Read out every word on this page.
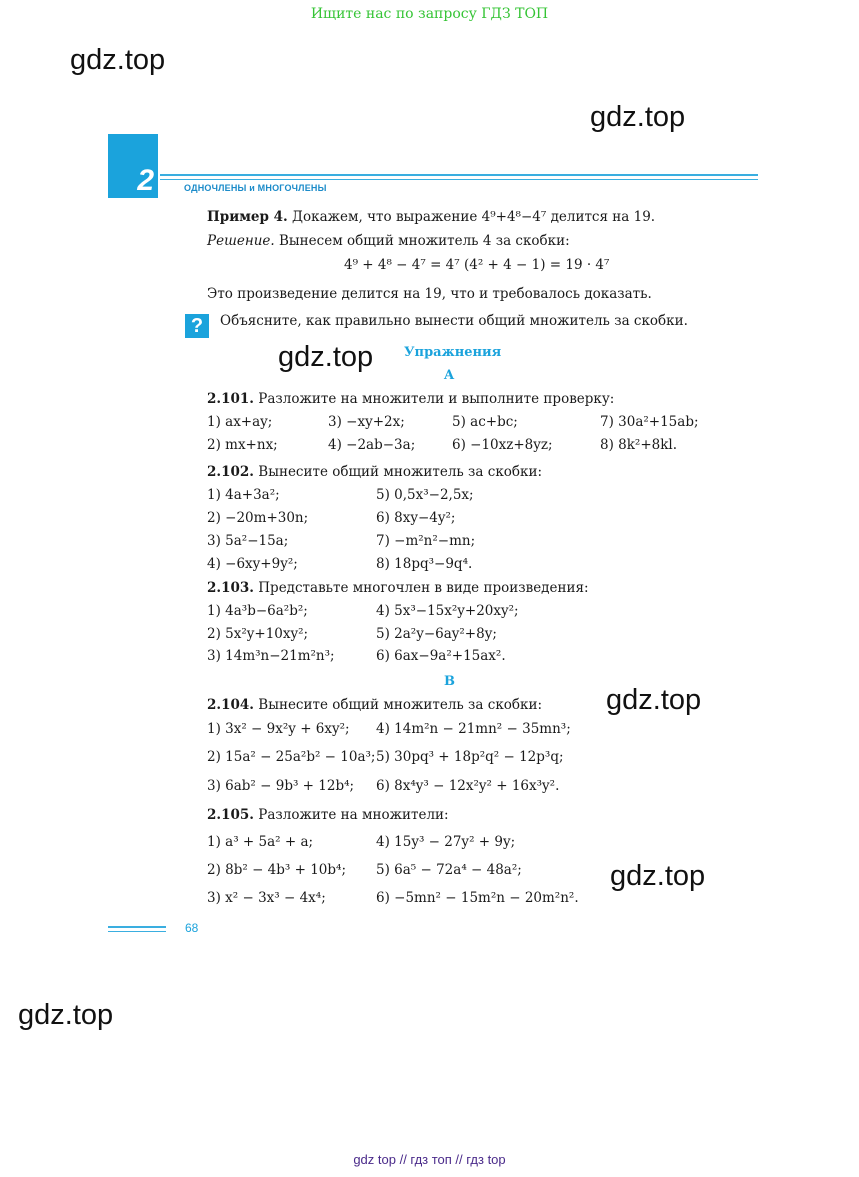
Ищите нас по запросу ГДЗ ТОП
gdz.top
gdz.top
gdz.top
gdz.top
gdz.top
gdz.top
2	ОДНОЧЛЕНЫ и МНОГОЧЛЕНЫ
Пример 4. Докажем, что выражение 4⁹+4⁸−4⁷ делится на 19.
Решение. Вынесем общий множитель 4 за скобки:
4⁹ + 4⁸ − 4⁷ = 4⁷ (4² + 4 − 1) = 19 · 4⁷
Это произведение делится на 19, что и требовалось доказать.
?	Объясните, как правильно вынести общий множитель за скобки.
Упражнения
A
2.101. Разложите на множители и выполните проверку:
1) ax+ay;	3) −xy+2x;	5) ac+bc;	7) 30a²+15ab;
2) mx+nx;	4) −2ab−3a;	6) −10xz+8yz;	8) 8k²+8kl.
2.102. Вынесите общий множитель за скобки:
1) 4a+3a²;	5) 0,5x³−2,5x;
2) −20m+30n;	6) 8xy−4y²;
3) 5a²−15a;	7) −m²n²−mn;
4) −6xy+9y²;	8) 18pq³−9q⁴.
2.103. Представьте многочлен в виде произведения:
1) 4a³b−6a²b²;	4) 5x³−15x²y+20xy²;
2) 5x²y+10xy²;	5) 2a²y−6ay²+8y;
3) 14m³n−21m²n³;	6) 6ax−9a²+15ax².
B
2.104. Вынесите общий множитель за скобки:
1) 3x² − 9x²y + 6xy²; 4) 14m²n − 21mn² − 35mn³;
2) 15a² − 25a²b² − 10a³; 5) 30pq³ + 18p²q² − 12p³q;
3) 6ab² − 9b³ + 12b⁴; 6) 8x⁴y³ − 12x²y² + 16x³y².
2.105. Разложите на множители:
1) a³ + 5a² + a;	4) 15y³ − 27y² + 9y;
2) 8b² − 4b³ + 10b⁴; 5) 6a⁵ − 72a⁴ − 48a²;
3) x² − 3x³ − 4x⁴;	6) −5mn² − 15m²n − 20m²n².
68
gdz top // гдз топ // гдз top
